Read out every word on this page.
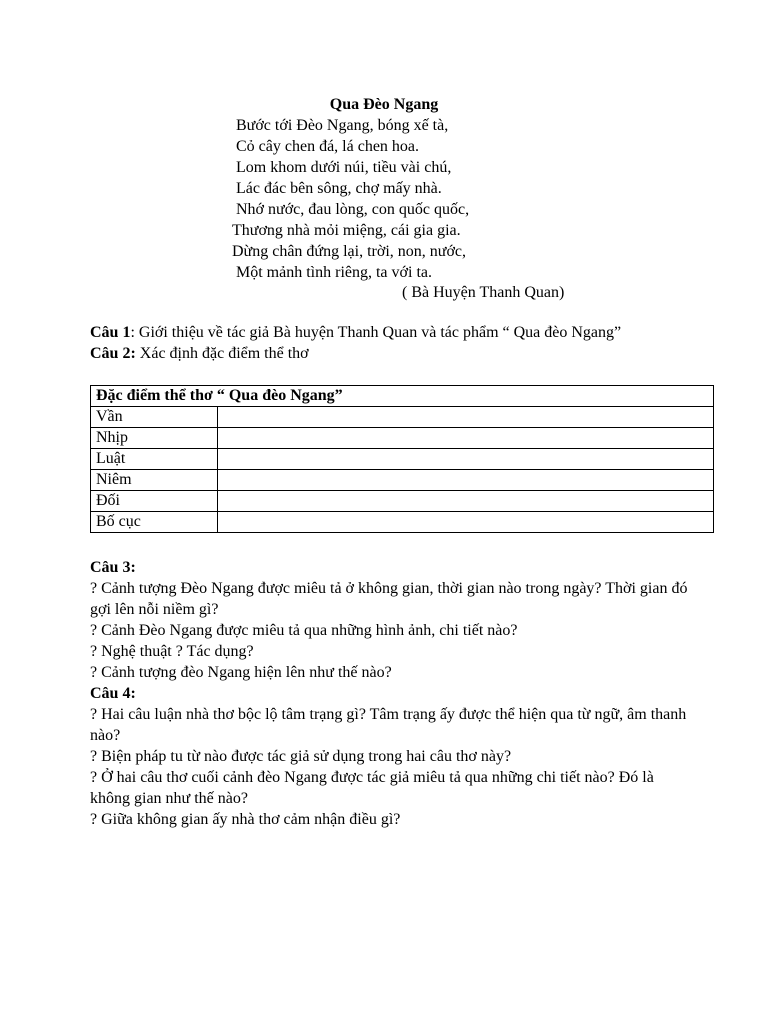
Qua Đèo Ngang
Bước tới Đèo Ngang, bóng xế tà,
Cỏ cây chen đá, lá chen hoa.
Lom khom dưới núi, tiều vài chú,
Lác đác bên sông, chợ mấy nhà.
Nhớ nước, đau lòng, con quốc quốc,
Thương nhà mỏi miệng, cái gia gia.
Dừng chân đứng lại, trời, non, nước,
Một mảnh tình riêng, ta với ta.
( Bà Huyện Thanh Quan)
Câu 1: Giới thiệu về tác giả Bà huyện Thanh Quan và tác phẩm “ Qua đèo Ngang”
Câu 2: Xác định đặc điểm thể thơ
Đặc điểm thể thơ “ Qua đèo Ngang”	
Vần	
Nhịp	
Luật	
Niêm	
Đối	
Bố cục	
Câu 3:
? Cảnh tượng Đèo Ngang được miêu tả ở không gian, thời gian nào trong ngày? Thời gian đó gợi lên nỗi niềm gì?
? Cảnh Đèo Ngang được miêu tả qua những hình ảnh, chi tiết nào?
? Nghệ thuật ? Tác dụng?
? Cảnh tượng đèo Ngang hiện lên như thế nào?
Câu 4:
? Hai câu luận nhà thơ bộc lộ tâm trạng gì? Tâm trạng ấy được thể hiện qua từ ngữ, âm thanh nào?
? Biện pháp tu từ nào được tác giả sử dụng trong hai câu thơ này?
? Ở hai câu thơ cuối cảnh đèo Ngang được tác giả miêu tả qua những chi tiết nào? Đó là không gian như thế nào?
? Giữa không gian ấy nhà thơ cảm nhận điều gì?
